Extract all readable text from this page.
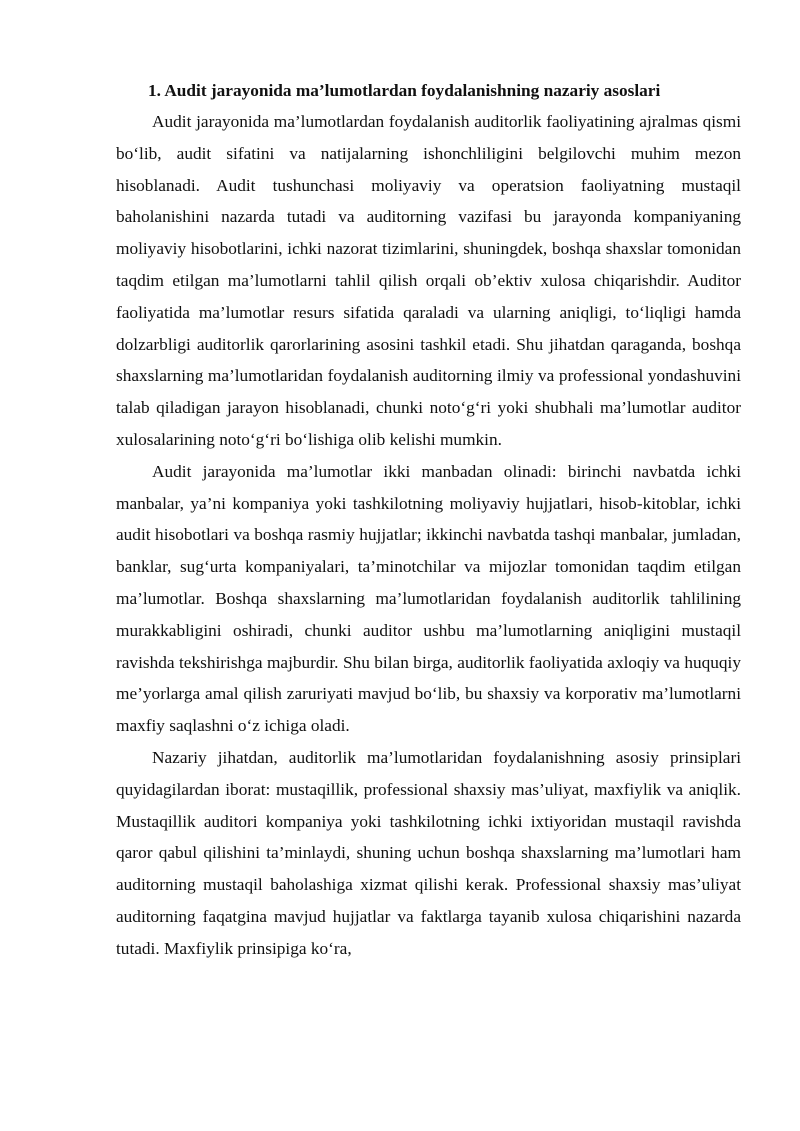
1. Audit jarayonida ma’lumotlardan foydalanishning nazariy asoslari

Audit jarayonida ma’lumotlardan foydalanish auditorlik faoliyatining ajralmas qismi bo‘lib, audit sifatini va natijalarning ishonchliligini belgilovchi muhim mezon hisoblanadi. Audit tushunchasi moliyaviy va operatsion faoliyatning mustaqil baholanishini nazarda tutadi va auditorning vazifasi bu jarayonda kompaniyaning moliyaviy hisobotlarini, ichki nazorat tizimlarini, shuningdek, boshqa shaxslar tomonidan taqdim etilgan ma’lumotlarni tahlil qilish orqali ob’ektiv xulosa chiqarishdir. Auditor faoliyatida ma’lumotlar resurs sifatida qaraladi va ularning aniqligi, to‘liqligi hamda dolzarbligi auditorlik qarorlarining asosini tashkil etadi. Shu jihatdan qaraganda, boshqa shaxslarning ma’lumotlaridan foydalanish auditorning ilmiy va professional yondashuvini talab qiladigan jarayon hisoblanadi, chunki noto‘g‘ri yoki shubhali ma’lumotlar auditor xulosalarining noto‘g‘ri bo‘lishiga olib kelishi mumkin.

Audit jarayonida ma’lumotlar ikki manbadan olinadi: birinchi navbatda ichki manbalar, ya’ni kompaniya yoki tashkilotning moliyaviy hujjatlari, hisob-kitoblar, ichki audit hisobotlari va boshqa rasmiy hujjatlar; ikkinchi navbatda tashqi manbalar, jumladan, banklar, sug‘urta kompaniyalari, ta’minotchilar va mijozlar tomonidan taqdim etilgan ma’lumotlar. Boshqa shaxslarning ma’lumotlaridan foydalanish auditorlik tahlilining murakkabligini oshiradi, chunki auditor ushbu ma’lumotlarning aniqligini mustaqil ravishda tekshirishga majburdir. Shu bilan birga, auditorlik faoliyatida axloqiy va huquqiy me’yorlarga amal qilish zaruriyati mavjud bo‘lib, bu shaxsiy va korporativ ma’lumotlarni maxfiy saqlashni o‘z ichiga oladi.

Nazariy jihatdan, auditorlik ma’lumotlaridan foydalanishning asosiy prinsiplari quyidagilardan iborat: mustaqillik, professional shaxsiy mas’uliyat, maxfiylik va aniqlik. Mustaqillik auditori kompaniya yoki tashkilotning ichki ixtiyoridan mustaqil ravishda qaror qabul qilishini ta’minlaydi, shuning uchun boshqa shaxslarning ma’lumotlari ham auditorning mustaqil baholashiga xizmat qilishi kerak. Professional shaxsiy mas’uliyat auditorning faqatgina mavjud hujjatlar va faktlarga tayanib xulosa chiqarishini nazarda tutadi. Maxfiylik prinsipiga ko‘ra,
